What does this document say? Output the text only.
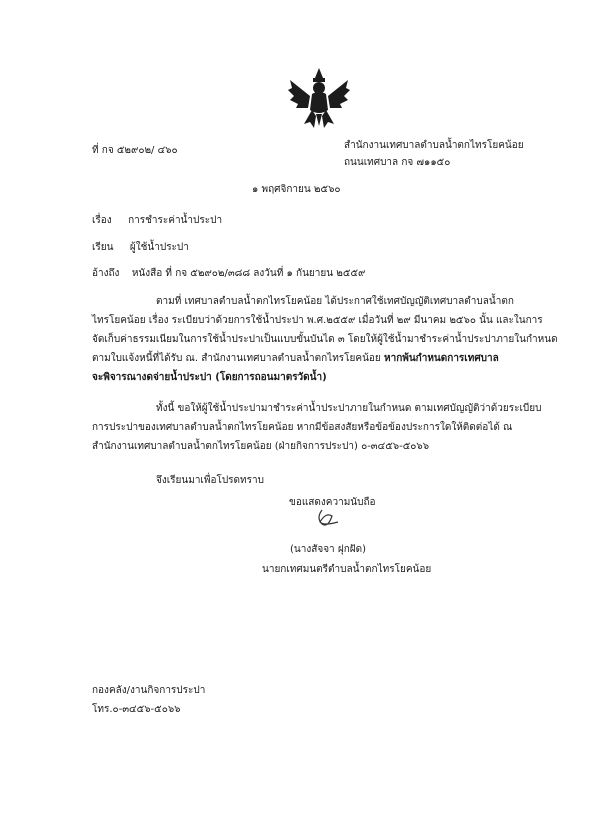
ที่ กจ ๕๒๙๐๒/ ๔๖๐	สำนักงานเทศบาลตำบลน้ำตกไทรโยคน้อย
ถนนเทศบาล กจ ๗๑๑๕๐
๑ พฤศจิกายน ๒๕๖๐
เรื่อง การชำระค่าน้ำประปา
เรียน ผู้ใช้น้ำประปา
อ้างถึง หนังสือ ที่ กจ ๕๒๙๐๒/๓๘๘ ลงวันที่ ๑ กันยายน ๒๕๕๙
ตามที่ เทศบาลตำบลน้ำตกไทรโยคน้อย ได้ประกาศใช้เทศบัญญัติเทศบาลตำบลน้ำตก
ไทรโยคน้อย เรื่อง ระเบียบว่าด้วยการใช้น้ำประปา พ.ศ.๒๕๕๙ เมื่อวันที่ ๒๙ มีนาคม ๒๕๖๐ นั้น และในการ
จัดเก็บค่าธรรมเนียมในการใช้น้ำประปาเป็นแบบขั้นบันได ๓ โดยให้ผู้ใช้น้ำมาชำระค่าน้ำประปาภายในกำหนด
ตามใบแจ้งหนี้ที่ได้รับ ณ. สำนักงานเทศบาลตำบลน้ำตกไทรโยคน้อย หากพ้นกำหนดการเทศบาล
จะพิจารณางดจ่ายน้ำประปา (โดยการถอนมาตรวัดน้ำ)
ทั้งนี้ ขอให้ผู้ใช้น้ำประปามาชำระค่าน้ำประปาภายในกำหนด ตามเทศบัญญัติว่าด้วยระเบียบ
การประปาของเทศบาลตำบลน้ำตกไทรโยคน้อย หากมีข้อสงสัยหรือข้อข้องประการใดให้ติดต่อได้ ณ
สำนักงานเทศบาลตำบลน้ำตกไทรโยคน้อย (ฝ่ายกิจการประปา) ๐-๓๔๕๖-๕๐๖๖
จึงเรียนมาเพื่อโปรดทราบ
ขอแสดงความนับถือ
(นางสัจจา ฝุกฝัด)
นายกเทศมนตรีตำบลน้ำตกไทรโยคน้อย
กองคลัง/งานกิจการประปา
โทร.๐-๓๔๕๖-๕๐๖๖
